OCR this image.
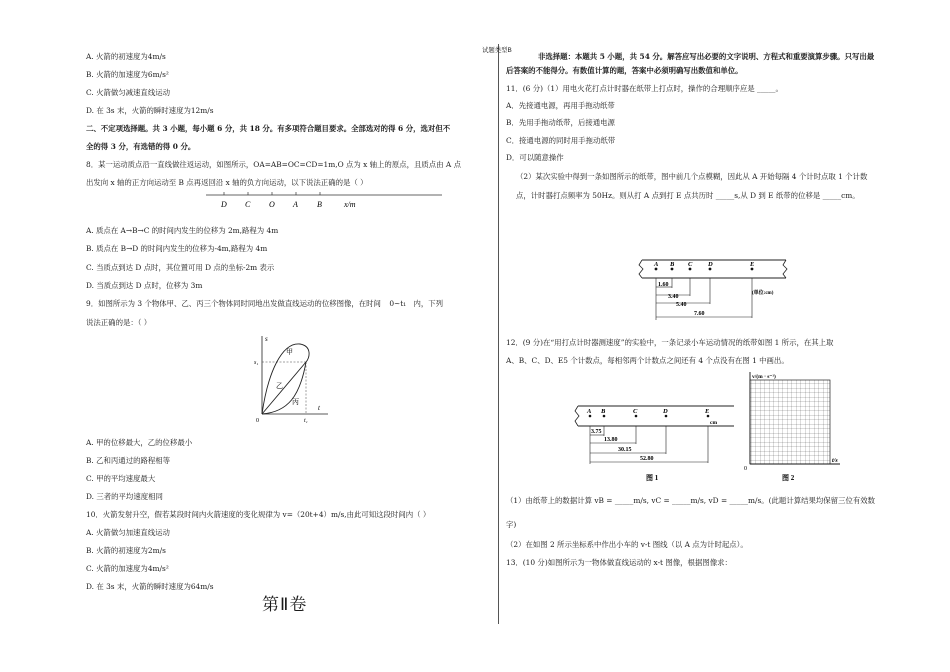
A. 火箭的初速度为4m/s
B. 火箭的加速度为6m/s²
C. 火箭做匀减速直线运动
D. 在 3s 末，火箭的瞬时速度为12m/s
二、不定项选择题。共 3 小题，每小题 6 分，共 18 分。有多项符合题目要求。全部选对的得 6 分，选对但不
全的得 3 分，有选错的得 0 分。
8．某一运动质点沿一直线做往返运动，如图所示，OA=AB=OC=CD=1m,O 点为 x 轴上的原点，且质点由 A 点
出发向 x 轴的正方向运动至 B 点再返回沿 x 轴的负方向运动，以下说法正确的是（ ）
D C O A B	x/m
A. 质点在 A→B→C 的时间内发生的位移为 2m,路程为 4m
B. 质点在 B→D 的时间内发生的位移为-4m,路程为 4m
C. 当质点到达 D 点时，其位置可用 D 点的坐标-2m 表示
D. 当质点到达 D 点时，位移为 3m
9．如图所示为 3 个物体甲、乙、丙三个物体同时同地出发做直线运动的位移图像，在时间 0~t₁ 内，下列
说法正确的是：（ ）
s
s₁
t₁
t
0
甲
乙
丙
A. 甲的位移最大，乙的位移最小
B. 乙和丙通过的路程相等
C. 甲的平均速度最大
D. 三者的平均速度相同
10．火箭发射升空，假若某段时间内火箭速度的变化规律为 v=（20t+4）m/s,由此可知这段时间内（ ）
A. 火箭做匀加速直线运动
B. 火箭的初速度为2m/s
C. 火箭的加速度为4m/s²
D. 在 3s 末，火箭的瞬时速度为64m/s
第Ⅱ卷
试题类型B
非选择题：本题共 5 小题，共 54 分。解答应写出必要的文字说明、方程式和重要演算步骤。只写出最
后答案的不能得分。有数值计算的题，答案中必须明确写出数值和单位。
11．(6 分)（1）用电火花打点计时器在纸带上打点时，操作的合理顺序应是 _____。
A．先接通电源，再用手拖动纸带
B．先用手拖动纸带，后接通电源
C．接通电源的同时用手拖动纸带
D．可以随意操作
（2）某次实验中得到一条如图所示的纸带，图中前几个点模糊，因此从 A 开始每隔 4 个计时点取 1 个计数
点，计时器打点频率为 50Hz。则从打 A 点到打 E 点共历时 _____s,从 D 到 E 纸带的位移是 _____cm。
A B C D	E
1.60
3.40
5.40
7.60
(单位:cm)
12．(9 分)在“用打点计时器测速度”的实验中，一条记录小车运动情况的纸带如图 1 所示，在其上取
A、B、C、D、E5 个计数点，每相邻两个计数点之间还有 4 个点没有在图 1 中画出。
A B	C	D	E
cm
3.75
13.80
30.15
52.80
图 1
v/(m · s⁻¹)
t/s
0
图 2
（1）由纸带上的数据计算 vB = _____m/s, vC = _____m/s, vD = _____m/s。(此题计算结果均保留三位有效数
字)
（2）在如图 2 所示坐标系中作出小车的 v-t 图线（以 A 点为计时起点）。
13．(10 分)如图所示为一物体做直线运动的 x-t 图像，根据图像求：
